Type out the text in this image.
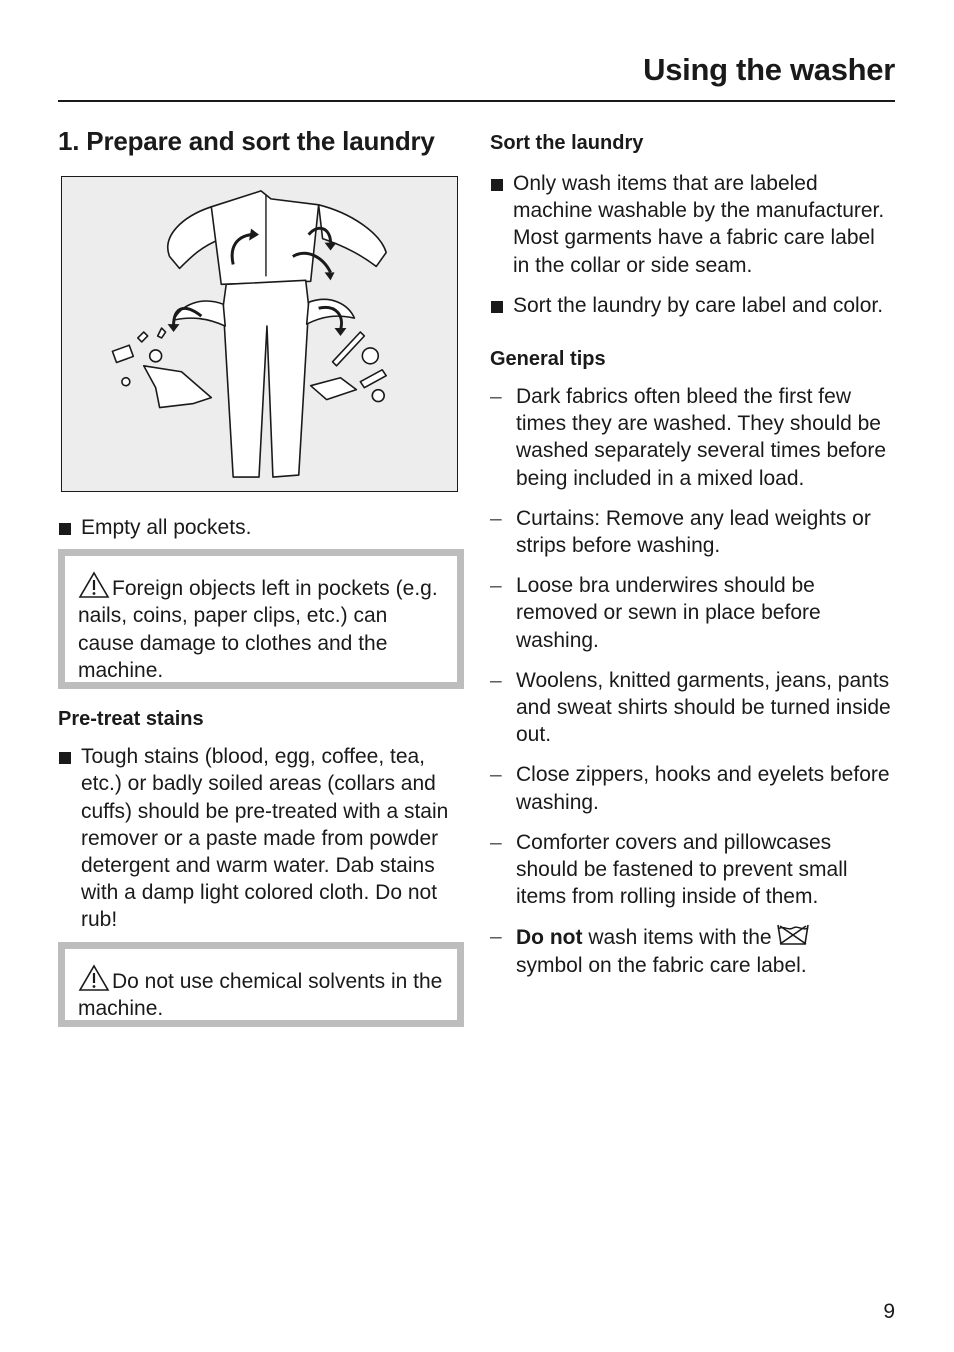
Using the washer
1. Prepare and sort the laundry
Empty all pockets.
Foreign objects left in pockets (e.g. nails, coins, paper clips, etc.) can cause damage to clothes and the machine.
Pre-treat stains
Tough stains (blood, egg, coffee, tea, etc.) or badly soiled areas (collars and cuffs) should be pre-treated with a stain remover or a paste made from powder detergent and warm water. Dab stains with a damp light colored cloth. Do not rub!
Do not use chemical solvents in the machine.
Sort the laundry
Only wash items that are labeled machine washable by the manufacturer. Most garments have a fabric care label in the collar or side seam.
Sort the laundry by care label and color.
General tips
– Dark fabrics often bleed the first few times they are washed. They should be washed separately several times before being included in a mixed load.
– Curtains: Remove any lead weights or strips before washing.
– Loose bra underwires should be removed or sewn in place before washing.
– Woolens, knitted garments, jeans, pants and sweat shirts should be turned inside out.
– Close zippers, hooks and eyelets before washing.
– Comforter covers and pillowcases should be fastened to prevent small items from rolling inside of them.
– Do not wash items with the
symbol on the fabric care label.
9
